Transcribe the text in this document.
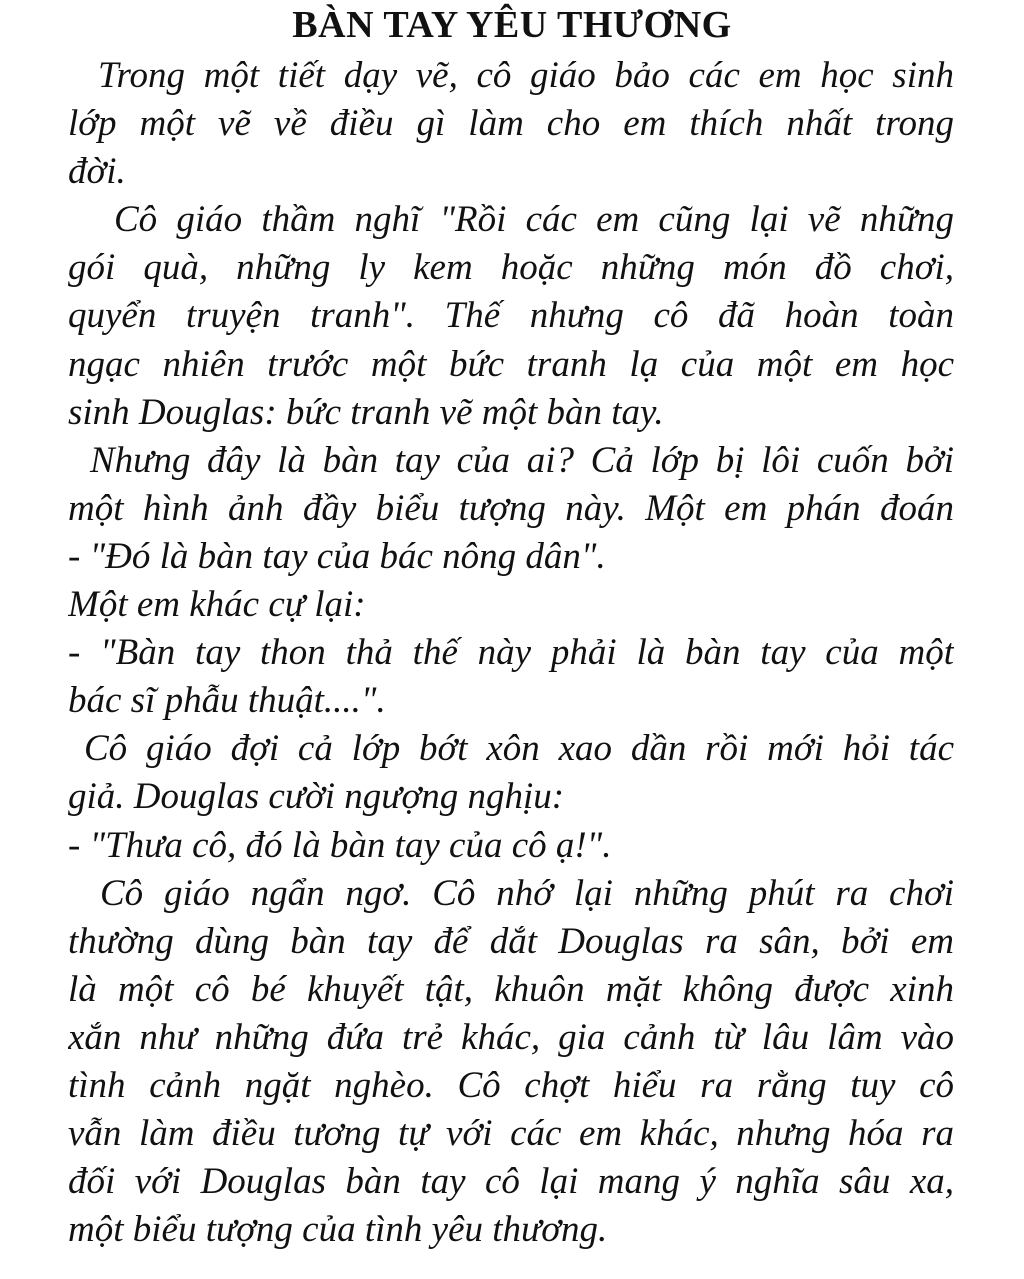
BÀN TAY YÊU THƯƠNG
Trong một tiết dạy vẽ, cô giáo bảo các em học sinh
lớp một vẽ về điều gì làm cho em thích nhất trong
đời.
Cô giáo thầm nghĩ "Rồi các em cũng lại vẽ những
gói quà, những ly kem hoặc những món đồ chơi,
quyển truyện tranh". Thế nhưng cô đã hoàn toàn
ngạc nhiên trước một bức tranh lạ của một em học
sinh Douglas: bức tranh vẽ một bàn tay.
Nhưng đây là bàn tay của ai? Cả lớp bị lôi cuốn bởi
một hình ảnh đầy biểu tượng này. Một em phán đoán
- "Đó là bàn tay của bác nông dân".
Một em khác cự lại:
- "Bàn tay thon thả thế này phải là bàn tay của một
bác sĩ phẫu thuật....".
Cô giáo đợi cả lớp bớt xôn xao dần rồi mới hỏi tác
giả. Douglas cười ngượng nghịu:
- "Thưa cô, đó là bàn tay của cô ạ!".
Cô giáo ngẩn ngơ. Cô nhớ lại những phút ra chơi
thường dùng bàn tay để dắt Douglas ra sân, bởi em
là một cô bé khuyết tật, khuôn mặt không được xinh
xắn như những đứa trẻ khác, gia cảnh từ lâu lâm vào
tình cảnh ngặt nghèo. Cô chợt hiểu ra rằng tuy cô
vẫn làm điều tương tự với các em khác, nhưng hóa ra
đối với Douglas bàn tay cô lại mang ý nghĩa sâu xa,
một biểu tượng của tình yêu thương.
